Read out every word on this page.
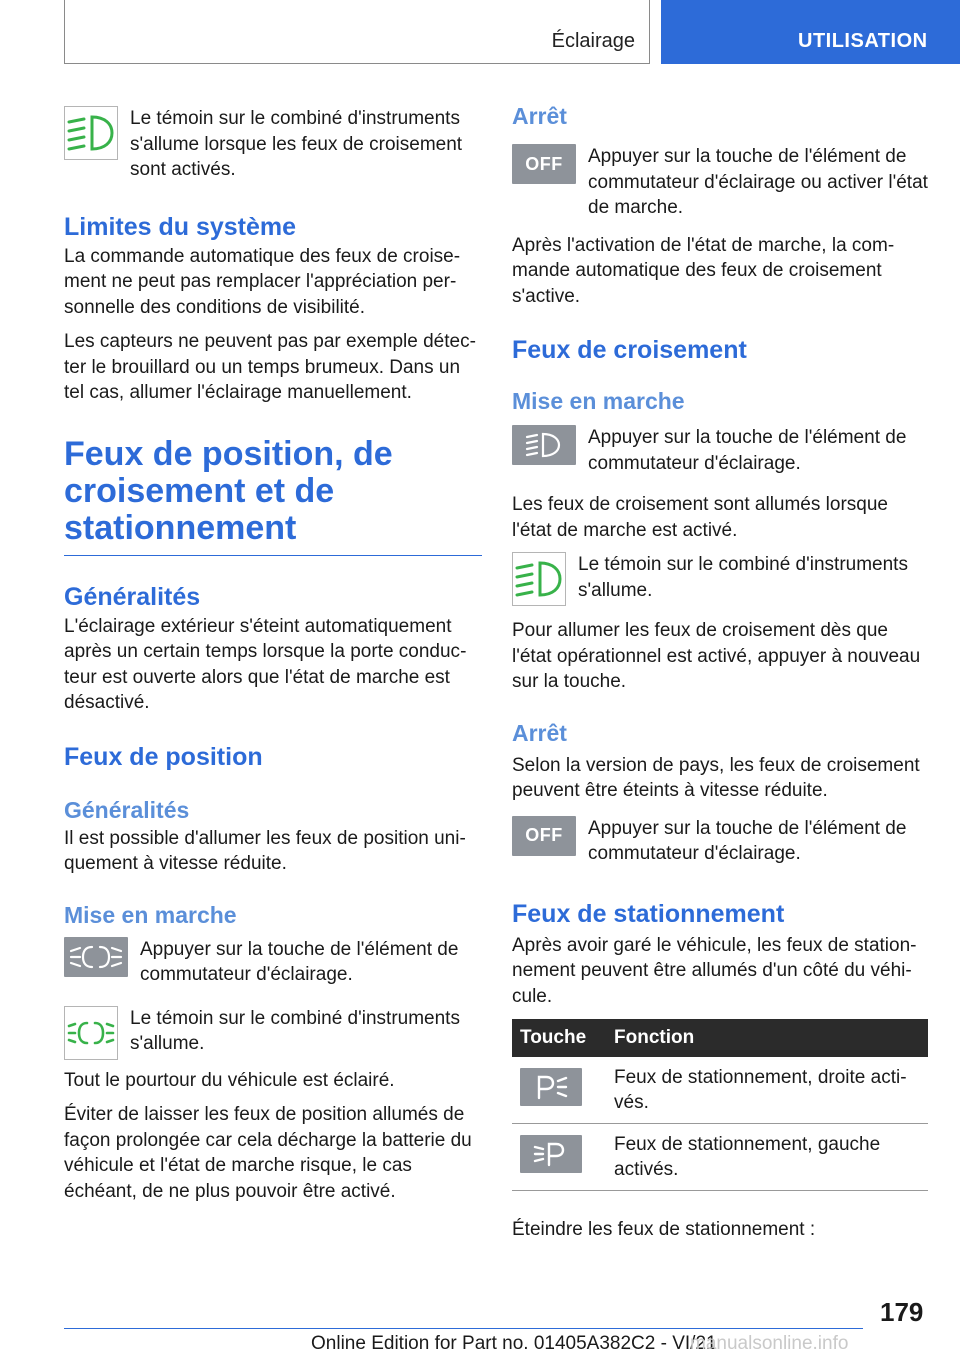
Éclairage	UTILISATION

Le témoin sur le combiné d'instruments s'allume lorsque les feux de croisement sont activés.

Limites du système

La commande automatique des feux de croisement ne peut pas remplacer l'appréciation personnelle des conditions de visibilité.

Les capteurs ne peuvent pas par exemple détecter le brouillard ou un temps brumeux. Dans un tel cas, allumer l'éclairage manuellement.

Feux de position, de croisement et de stationnement

Généralités

L'éclairage extérieur s'éteint automatiquement après un certain temps lorsque la porte conducteur est ouverte alors que l'état de marche est désactivé.

Feux de position

Généralités

Il est possible d'allumer les feux de position uniquement à vitesse réduite.

Mise en marche

Appuyer sur la touche de l'élément de commutateur d'éclairage.

Le témoin sur le combiné d'instruments s'allume.

Tout le pourtour du véhicule est éclairé.

Éviter de laisser les feux de position allumés de façon prolongée car cela décharge la batterie du véhicule et l'état de marche risque, le cas échéant, de ne plus pouvoir être activé.

Arrêt

OFF Appuyer sur la touche de l'élément de commutateur d'éclairage ou activer l'état de marche.

Après l'activation de l'état de marche, la commande automatique des feux de croisement s'active.

Feux de croisement

Mise en marche

Appuyer sur la touche de l'élément de commutateur d'éclairage.

Les feux de croisement sont allumés lorsque l'état de marche est activé.

Le témoin sur le combiné d'instruments s'allume.

Pour allumer les feux de croisement dès que l'état opérationnel est activé, appuyer à nouveau sur la touche.

Arrêt

Selon la version de pays, les feux de croisement peuvent être éteints à vitesse réduite.

OFF Appuyer sur la touche de l'élément de commutateur d'éclairage.

Feux de stationnement

Après avoir garé le véhicule, les feux de stationnement peuvent être allumés d'un côté du véhicule.

Touche	Fonction

	Feux de stationnement, droite activés.

	Feux de stationnement, gauche activés.

Éteindre les feux de stationnement :

179
Online Edition for Part no. 01405A382C2 - VI/21
manualsonline.info
